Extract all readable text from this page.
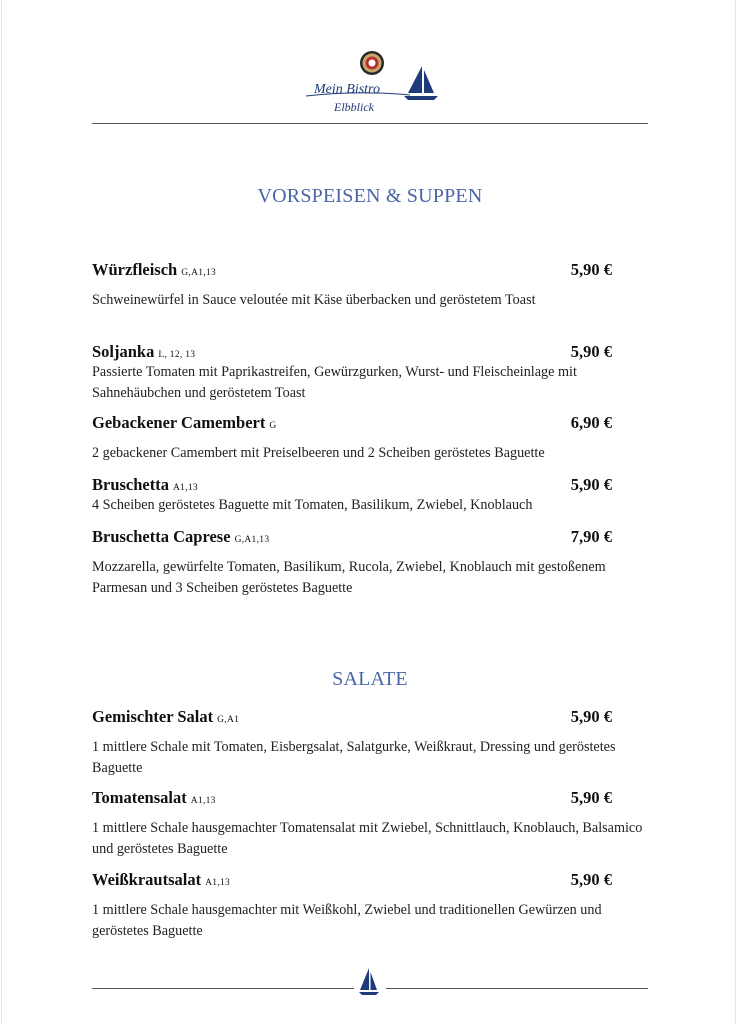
Mein Bistro
Elbblick
VORSPEISEN & SUPPEN
Würzfleisch G,A1,13	5,90 €
Schweinewürfel in Sauce veloutée mit Käse überbacken und geröstetem Toast
Soljanka L, 12, 13	5,90 €
Passierte Tomaten mit Paprikastreifen, Gewürzgurken, Wurst- und Fleischeinlage mit Sahnehäubchen und geröstetem Toast
Gebackener Camembert G	6,90 €
2 gebackener Camembert mit Preiselbeeren und 2 Scheiben geröstetes Baguette
Bruschetta A1,13	5,90 €
4 Scheiben geröstetes Baguette mit Tomaten, Basilikum, Zwiebel, Knoblauch
Bruschetta Caprese G,A1,13	7,90 €
Mozzarella, gewürfelte Tomaten, Basilikum, Rucola, Zwiebel, Knoblauch mit gestoßenem Parmesan und 3 Scheiben geröstetes Baguette
SALATE
Gemischter Salat G,A1	5,90 €
1 mittlere Schale mit Tomaten, Eisbergsalat, Salatgurke, Weißkraut, Dressing und geröstetes Baguette
Tomatensalat A1,13	5,90 €
1 mittlere Schale hausgemachter Tomatensalat mit Zwiebel, Schnittlauch, Knoblauch, Balsamico und geröstetes Baguette
Weißkrautsalat A1,13	5,90 €
1 mittlere Schale hausgemachter mit Weißkohl, Zwiebel und traditionellen Gewürzen und geröstetes Baguette
